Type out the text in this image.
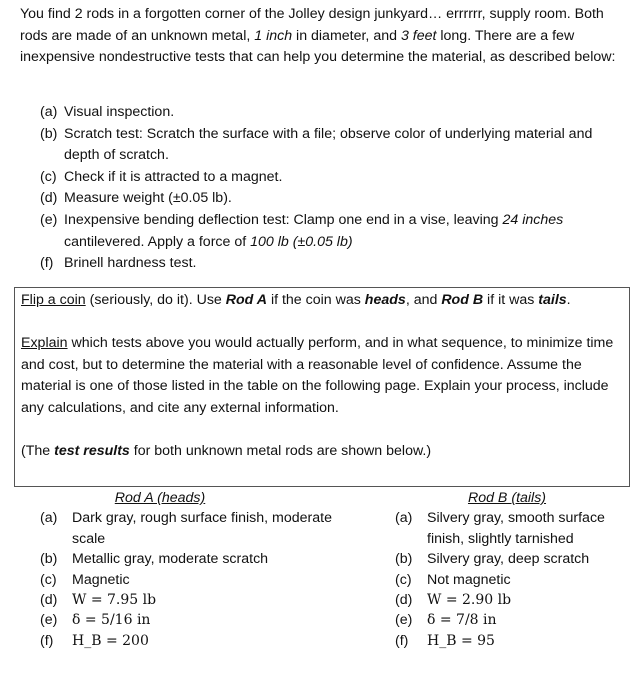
You find 2 rods in a forgotten corner of the Jolley design junkyard… errrrrr, supply room. Both rods are made of an unknown metal, 1 inch in diameter, and 3 feet long. There are a few inexpensive nondestructive tests that can help you determine the material, as described below:
(a) Visual inspection.
(b) Scratch test: Scratch the surface with a file; observe color of underlying material and depth of scratch.
(c) Check if it is attracted to a magnet.
(d) Measure weight (±0.05 lb).
(e) Inexpensive bending deflection test: Clamp one end in a vise, leaving 24 inches cantilevered. Apply a force of 100 lb (±0.05 lb)
(f) Brinell hardness test.

Flip a coin (seriously, do it). Use Rod A if the coin was heads, and Rod B if it was tails.

Explain which tests above you would actually perform, and in what sequence, to minimize time and cost, but to determine the material with a reasonable level of confidence. Assume the material is one of those listed in the table on the following page. Explain your process, include any calculations, and cite any external information.

(The test results for both unknown metal rods are shown below.)

Rod A (heads)
(a)	Dark gray, rough surface finish, moderate scale
(b)	Metallic gray, moderate scratch
(c)	Magnetic
(d)	W = 7.95 lb
(e)	δ = 5/16 in
(f)	H_B = 200
Rod B (tails)
(a)	Silvery gray, smooth surface finish, slightly tarnished
(b)	Silvery gray, deep scratch
(c)	Not magnetic
(d)	W = 2.90 lb
(e)	δ = 7/8 in
(f)	H_B = 95
